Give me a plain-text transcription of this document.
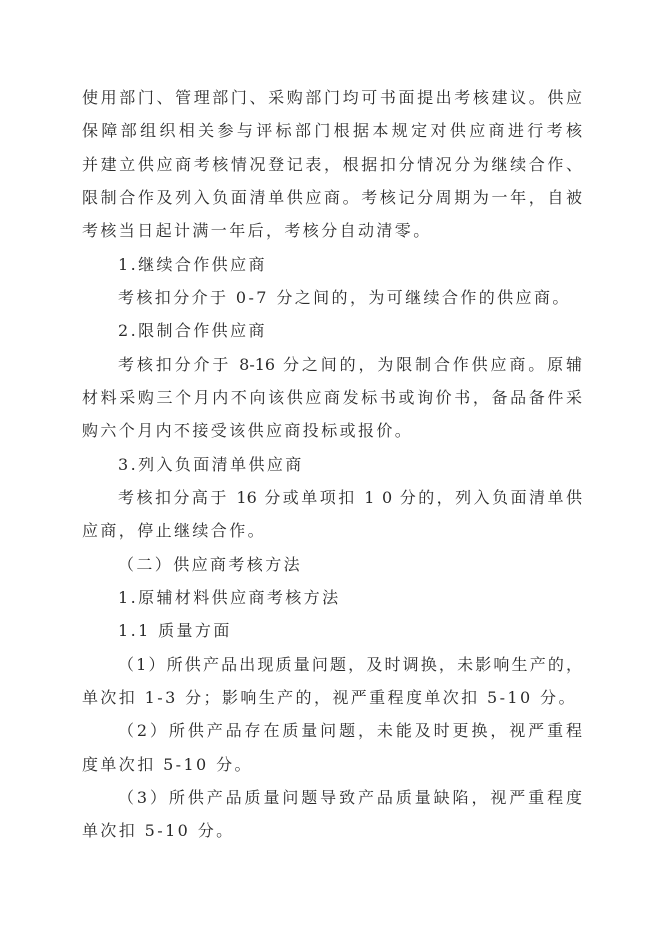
使用部门、管理部门、采购部门均可书面提出考核建议。供应
保障部组织相关参与评标部门根据本规定对供应商进行考核
并建立供应商考核情况登记表，根据扣分情况分为继续合作、
限制合作及列入负面清单供应商。考核记分周期为一年，自被
考核当日起计满一年后，考核分自动清零。
1.继续合作供应商
考核扣分介于 0-7 分之间的，为可继续合作的供应商。
2.限制合作供应商
考核扣分介于 8-16 分之间的，为限制合作供应商。原辅
材料采购三个月内不向该供应商发标书或询价书，备品备件采
购六个月内不接受该供应商投标或报价。
3.列入负面清单供应商
考核扣分高于 16 分或单项扣 1 0 分的，列入负面清单供
应商，停止继续合作。
（二）供应商考核方法
1.原辅材料供应商考核方法
1.1 质量方面
（1）所供产品出现质量问题，及时调换，未影响生产的，
单次扣 1-3 分；影响生产的，视严重程度单次扣 5-10 分。
（2）所供产品存在质量问题，未能及时更换，视严重程
度单次扣 5-10 分。
（3）所供产品质量问题导致产品质量缺陷，视严重程度
单次扣 5-10 分。
